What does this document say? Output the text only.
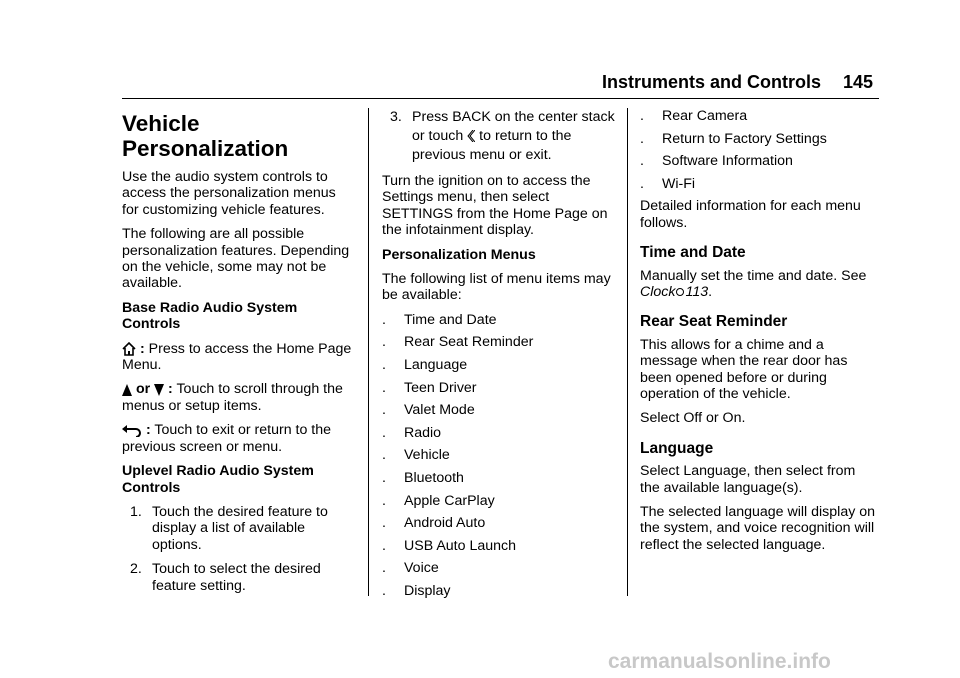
Instruments and Controls 145
Vehicle Personalization

Use the audio system controls to access the personalization menus for customizing vehicle features.

The following are all possible personalization features. Depending on the vehicle, some may not be available.

Base Radio Audio System Controls

: Press to access the Home Page Menu.

or : Touch to scroll through the menus or setup items.

: Touch to exit or return to the previous screen or menu.

Uplevel Radio Audio System Controls

1. Touch the desired feature to display a list of available options.
2. Touch to select the desired feature setting.
3. Press BACK on the center stack or touch to return to the previous menu or exit.

Turn the ignition on to access the Settings menu, then select SETTINGS from the Home Page on the infotainment display.

Personalization Menus

The following list of menu items may be available:

. Time and Date
. Rear Seat Reminder
. Language
. Teen Driver
. Valet Mode
. Radio
. Vehicle
. Bluetooth
. Apple CarPlay
. Android Auto
. USB Auto Launch
. Voice
. Display
. Rear Camera
. Return to Factory Settings
. Software Information
. Wi-Fi

Detailed information for each menu follows.

Time and Date

Manually set the time and date. See Clock 113.

Rear Seat Reminder

This allows for a chime and a message when the rear door has been opened before or during operation of the vehicle.

Select Off or On.

Language

Select Language, then select from the available language(s).

The selected language will display on the system, and voice recognition will reflect the selected language.

carmanualsonline.info
